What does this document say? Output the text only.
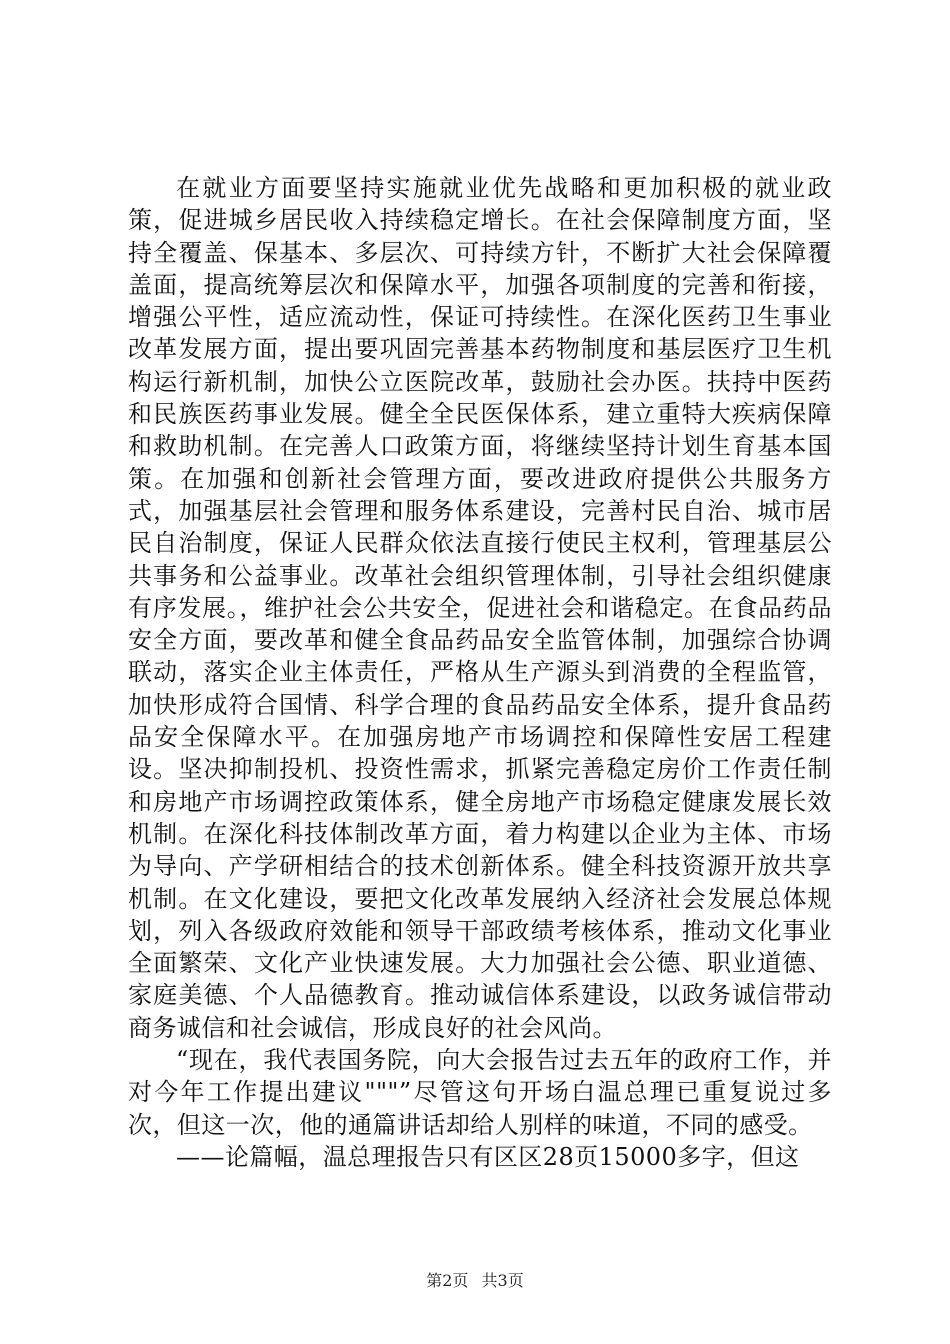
在就业方面要坚持实施就业优先战略和更加积极的就业政策，促进城乡居民收入持续稳定增长。在社会保障制度方面，坚持全覆盖、保基本、多层次、可持续方针，不断扩大社会保障覆盖面，提高统筹层次和保障水平，加强各项制度的完善和衔接，增强公平性，适应流动性，保证可持续性。在深化医药卫生事业改革发展方面，提出要巩固完善基本药物制度和基层医疗卫生机构运行新机制，加快公立医院改革，鼓励社会办医。扶持中医药和民族医药事业发展。健全全民医保体系，建立重特大疾病保障和救助机制。在完善人口政策方面，将继续坚持计划生育基本国策。在加强和创新社会管理方面，要改进政府提供公共服务方式，加强基层社会管理和服务体系建设，完善村民自治、城市居民自治制度，保证人民群众依法直接行使民主权利，管理基层公共事务和公益事业。改革社会组织管理体制，引导社会组织健康有序发展。，维护社会公共安全，促进社会和谐稳定。在食品药品安全方面，要改革和健全食品药品安全监管体制，加强综合协调联动，落实企业主体责任，严格从生产源头到消费的全程监管，加快形成符合国情、科学合理的食品药品安全体系，提升食品药品安全保障水平。在加强房地产市场调控和保障性安居工程建设。坚决抑制投机、投资性需求，抓紧完善稳定房价工作责任制和房地产市场调控政策体系，健全房地产市场稳定健康发展长效机制。在深化科技体制改革方面，着力构建以企业为主体、市场为导向、产学研相结合的技术创新体系。健全科技资源开放共享机制。在文化建设，要把文化改革发展纳入经济社会发展总体规划，列入各级政府效能和领导干部政绩考核体系，推动文化事业全面繁荣、文化产业快速发展。大力加强社会公德、职业道德、家庭美德、个人品德教育。推动诚信体系建设，以政务诚信带动商务诚信和社会诚信，形成良好的社会风尚。

“现在，我代表国务院，向大会报告过去五年的政府工作，并对今年工作提出建议"""”尽管这句开场白温总理已重复说过多次，但这一次，他的通篇讲话却给人别样的味道，不同的感受。

——论篇幅，温总理报告只有区区28页15000多字，但这

第2页 共3页
